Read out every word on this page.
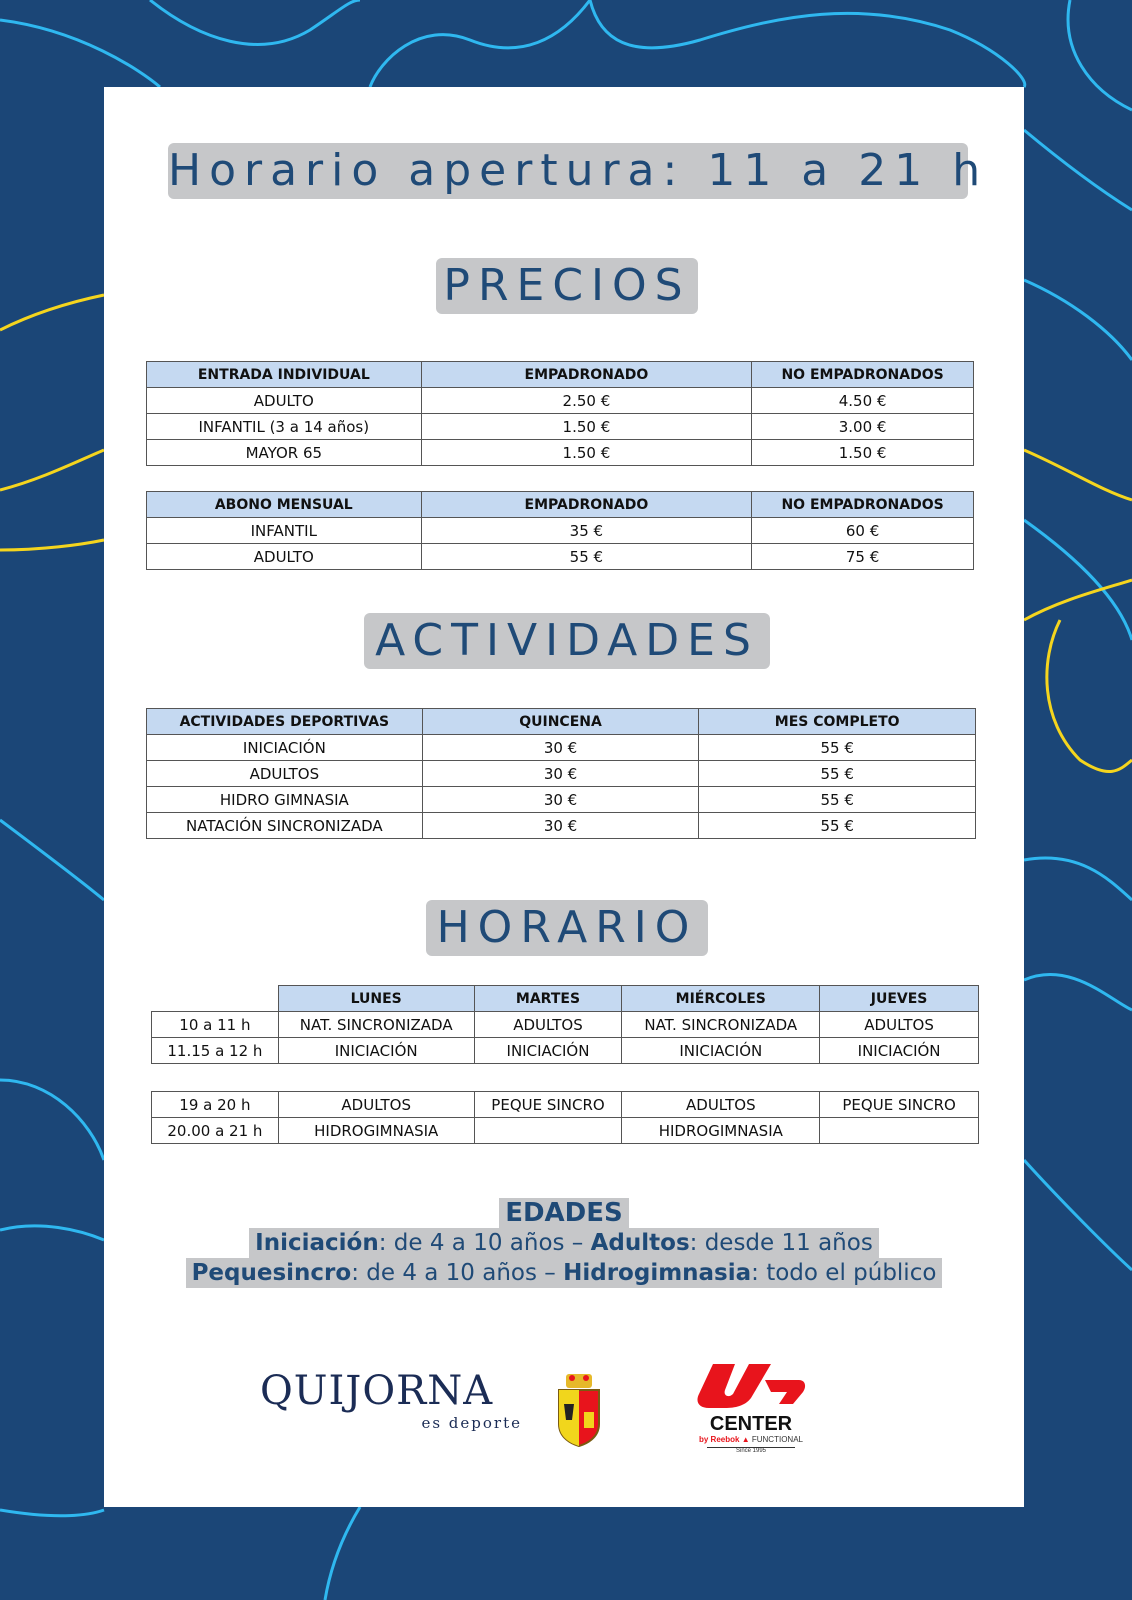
Horario apertura: 11 a 21 h
PRECIOS
ENTRADA INDIVIDUAL	EMPADRONADO	NO EMPADRONADOS
ADULTO	2.50 €	4.50 €
INFANTIL (3 a 14 años)	1.50 €	3.00 €
MAYOR 65	1.50 €	1.50 €
ABONO MENSUAL	EMPADRONADO	NO EMPADRONADOS
INFANTIL	35 €	60 €
ADULTO	55 €	75 €
ACTIVIDADES
ACTIVIDADES DEPORTIVAS	QUINCENA	MES COMPLETO
INICIACIÓN	30 €	55 €
ADULTOS	30 €	55 €
HIDRO GIMNASIA	30 €	55 €
NATACIÓN SINCRONIZADA	30 €	55 €
HORARIO
	LUNES	MARTES	MIÉRCOLES	JUEVES
10 a 11 h	NAT. SINCRONIZADA	ADULTOS	NAT. SINCRONIZADA	ADULTOS
11.15 a 12 h	INICIACIÓN	INICIACIÓN	INICIACIÓN	INICIACIÓN
19 a 20 h	ADULTOS	PEQUE SINCRO	ADULTOS	PEQUE SINCRO
20.00 a 21 h	HIDROGIMNASIA		HIDROGIMNASIA	
EDADES
Iniciación: de 4 a 10 años – Adultos: desde 11 años
Pequesincro: de 4 a 10 años – Hidrogimnasia: todo el público
QUIJORNA
es deporte	CENTER
by Reebok ▲ FUNCTIONAL
Since 1995
